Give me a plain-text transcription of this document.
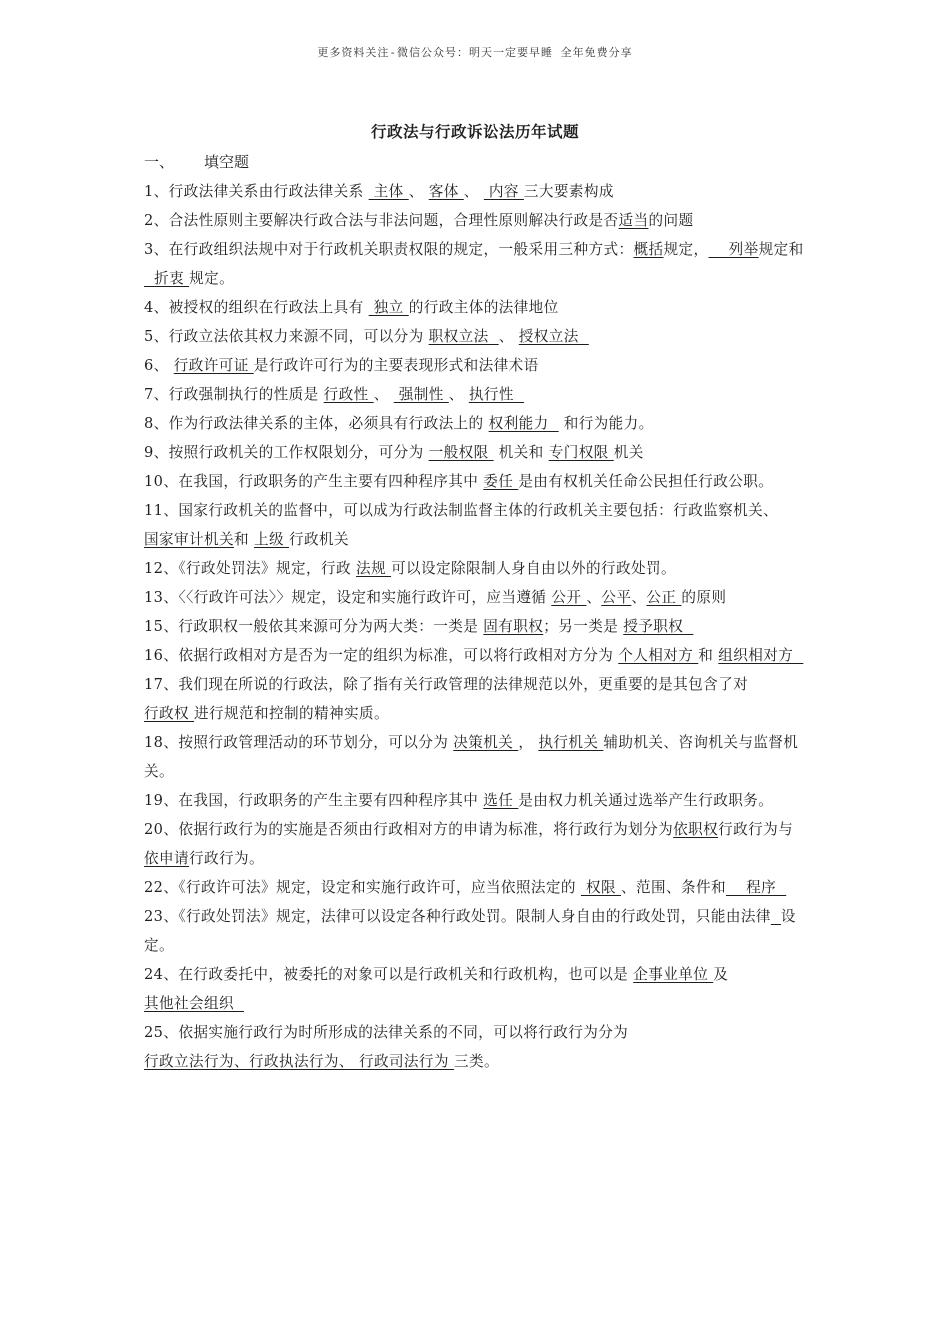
更多资料关注-微信公众号：明天一定要早睡 全年免费分享
行政法与行政诉讼法历年试题
一、 填空题

1、行政法律关系由行政法律关系  主体 、 客体 、  内容 三大要素构成

2、合法性原则主要解决行政合法与非法问题，合理性原则解决行政是否适当的问题

3、在行政组织法规中对于行政机关职责权限的规定，一般采用三种方式：概括规定，    列举规定和   折衷 规定。

4、被授权的组织在行政法上具有  独立 的行政主体的法律地位

5、行政立法依其权力来源不同，可以分为 职权立法  、 授权立法

6、 行政许可证 是行政许可行为的主要表现形式和法律术语

7、行政强制执行的性质是 行政性 、  强制性 、 执行性

8、作为行政法律关系的主体，必须具有行政法上的 权利能力   和行为能力。

9、按照行政机关的工作权限划分，可分为 一般权限  机关和 专门权限 机关

10、在我国，行政职务的产生主要有四种程序其中 委任 是由有权机关任命公民担任行政公职。

11、国家行政机关的监督中，可以成为行政法制监督主体的行政机关主要包括：行政监察机关、国家审计机关和 上级 行政机关

12、《行政处罚法》规定，行政 法规 可以设定除限制人身自由以外的行政处罚。

13、〈〈行政许可法〉〉规定，设定和实施行政许可，应当遵循 公开 、公平、公正 的原则

15、行政职权一般依其来源可分为两大类：一类是 固有职权；另一类是 授予职权

16、依据行政相对方是否为一定的组织为标准，可以将行政相对方分为 个人相对方 和 组织相对方

17、我们现在所说的行政法，除了指有关行政管理的法律规范以外，更重要的是其包含了对行政权 进行规范和控制的精神实质。

18、按照行政管理活动的环节划分，可以分为 决策机关 ， 执行机关 辅助机关、咨询机关与监督机关。

19、在我国，行政职务的产生主要有四种程序其中 选任 是由权力机关通过选举产生行政职务。

20、依据行政行为的实施是否须由行政相对方的申请为标准，将行政行为划分为依职权行政行为与依申请行政行为。

22、《行政许可法》规定，设定和实施行政许可，应当依照法定的  权限 、范围、条件和    程序

23、《行政处罚法》规定，法律可以设定各种行政处罚。限制人身自由的行政处罚，只能由法律 设定。

24、在行政委托中，被委托的对象可以是行政机关和行政机构，也可以是 企事业单位 及 其他社会组织

25、依据实施行政行为时所形成的法律关系的不同，可以将行政行为分为 行政立法行为、行政执法行为、 行政司法行为 三类。
